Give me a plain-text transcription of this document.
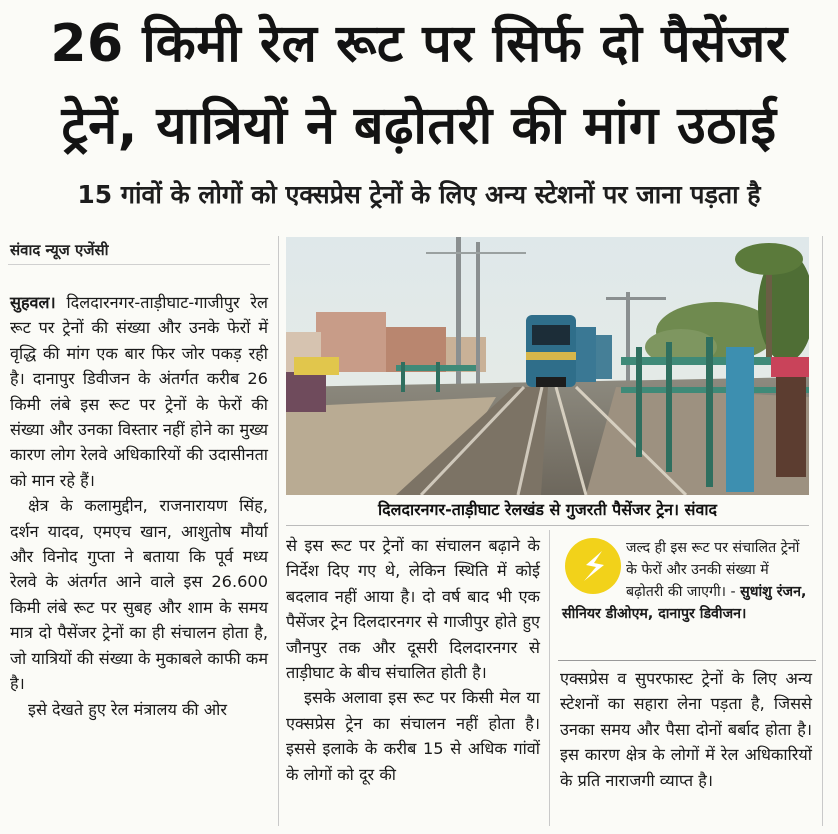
26 किमी रेल रूट पर सिर्फ दो पैसेंजर
ट्रेनें, यात्रियों ने बढ़ोतरी की मांग उठाई
15 गांवों के लोगों को एक्सप्रेस ट्रेनों के लिए अन्य स्टेशनों पर जाना पड़ता है
संवाद न्यूज एजेंसी

सुहवल। दिलदारनगर-ताड़ीघाट-गाजीपुर रेल रूट पर ट्रेनों की संख्या और उनके फेरों में वृद्धि की मांग एक बार फिर जोर पकड़ रही है। दानापुर डिवीजन के अंतर्गत करीब 26 किमी लंबे इस रूट पर ट्रेनों के फेरों की संख्या और उनका विस्तार नहीं होने का मुख्य कारण लोग रेलवे अधिकारियों की उदासीनता को मान रहे हैं।

क्षेत्र के कलामुद्दीन, राजनारायण सिंह, दर्शन यादव, एमएच खान, आशुतोष मौर्या और विनोद गुप्ता ने बताया कि पूर्व मध्य रेलवे के अंतर्गत आने वाले इस 26.600 किमी लंबे रूट पर सुबह और शाम के समय मात्र दो पैसेंजर ट्रेनों का ही संचालन होता है, जो यात्रियों की संख्या के मुकाबले काफी कम है।

इसे देखते हुए रेल मंत्रालय की ओर

दिलदारनगर-ताड़ीघाट रेलखंड से गुजरती पैसेंजर ट्रेन। संवाद

से इस रूट पर ट्रेनों का संचालन बढ़ाने के निर्देश दिए गए थे, लेकिन स्थिति में कोई बदलाव नहीं आया है। दो वर्ष बाद भी एक पैसेंजर ट्रेन दिलदारनगर से गाजीपुर होते हुए जौनपुर तक और दूसरी दिलदारनगर से ताड़ीघाट के बीच संचालित होती है।

इसके अलावा इस रूट पर किसी मेल या एक्सप्रेस ट्रेन का संचालन नहीं होता है। इससे इलाके के करीब 15 से अधिक गांवों के लोगों को दूर की

जल्द ही इस रूट पर संचालित ट्रेनों के फेरों और उनकी संख्या में बढ़ोतरी की जाएगी। - सुधांशु रंजन, सीनियर डीओएम, दानापुर डिवीजन।

एक्सप्रेस व सुपरफास्ट ट्रेनों के लिए अन्य स्टेशनों का सहारा लेना पड़ता है, जिससे उनका समय और पैसा दोनों बर्बाद होता है। इस कारण क्षेत्र के लोगों में रेल अधिकारियों के प्रति नाराजगी व्याप्त है।
